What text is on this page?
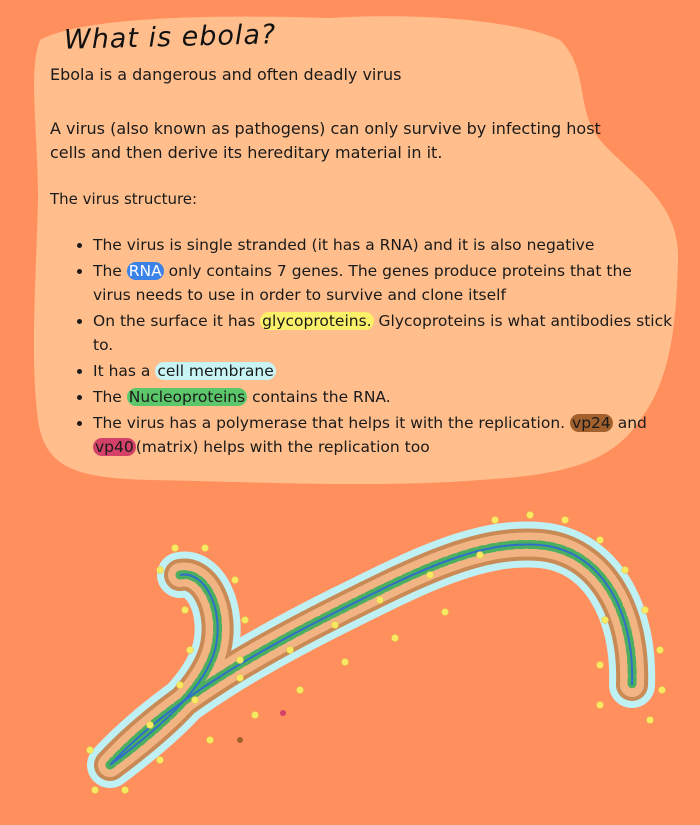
What is ebola?
Ebola is a dangerous and often deadly virus
A virus (also known as pathogens) can only survive by infecting host cells and then derive its hereditary material in it.
The virus structure:
• The virus is single stranded (it has a RNA) and it is also negative
• The RNA only contains 7 genes. The genes produce proteins that the virus needs to use in order to survive and clone itself
• On the surface it has glycoproteins. Glycoproteins is what antibodies stick to.
• It has a cell membrane
• The Nucleoproteins contains the RNA.
• The virus has a polymerase that helps it with the replication. vp24 and vp40 (matrix) helps with the replication too
